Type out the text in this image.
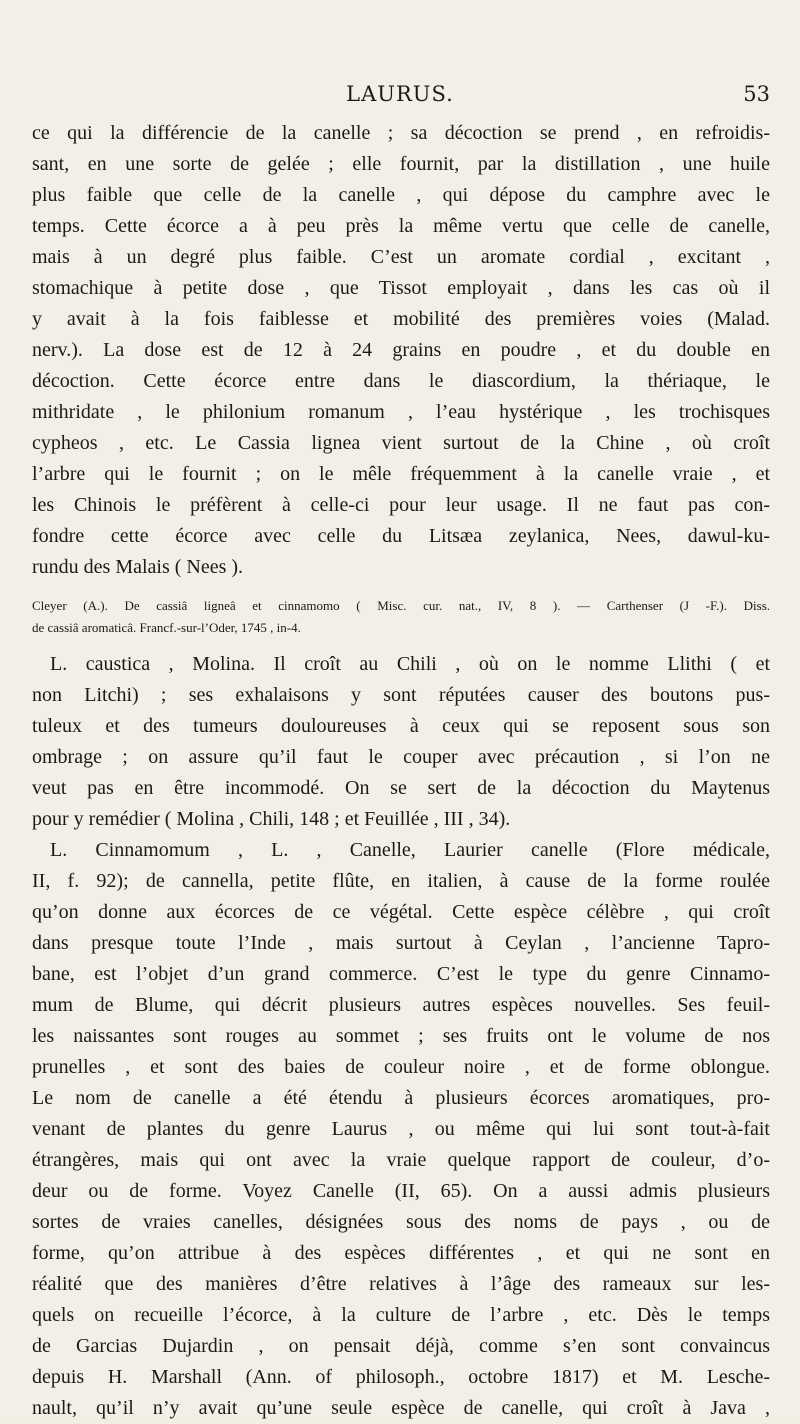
LAURUS.	53
ce qui la différencie de la canelle ; sa décoction se prend , en refroidis-
sant, en une sorte de gelée ; elle fournit, par la distillation , une huile
plus faible que celle de la canelle , qui dépose du camphre avec le
temps. Cette écorce a à peu près la même vertu que celle de canelle,
mais à un degré plus faible. C’est un aromate cordial , excitant ,
stomachique à petite dose , que Tissot employait , dans les cas où il
y avait à la fois faiblesse et mobilité des premières voies (Malad.
nerv.). La dose est de 12 à 24 grains en poudre , et du double en
décoction. Cette écorce entre dans le diascordium, la thériaque, le
mithridate , le philonium romanum , l’eau hystérique , les trochisques
cypheos , etc. Le Cassia lignea vient surtout de la Chine , où croît
l’arbre qui le fournit ; on le mêle fréquemment à la canelle vraie , et
les Chinois le préfèrent à celle-ci pour leur usage. Il ne faut pas con-
fondre cette écorce avec celle du Litsæa zeylanica, Nees, dawul-ku-
rundu des Malais ( Nees ).
Cleyer (A.). De cassiâ ligneâ et cinnamomo ( Misc. cur. nat., IV, 8 ). — Carthenser (J -F.). Diss.
de cassiâ aromaticâ. Francf.-sur-l’Oder, 1745 , in-4.
L. caustica , Molina. Il croît au Chili , où on le nomme Llithi ( et
non Litchi) ; ses exhalaisons y sont réputées causer des boutons pus-
tuleux et des tumeurs douloureuses à ceux qui se reposent sous son
ombrage ; on assure qu’il faut le couper avec précaution , si l’on ne
veut pas en être incommodé. On se sert de la décoction du Maytenus
pour y remédier ( Molina , Chili, 148 ; et Feuillée , III , 34).
L. Cinnamomum , L. , Canelle, Laurier canelle (Flore médicale,
II, f. 92); de cannella, petite flûte, en italien, à cause de la forme roulée
qu’on donne aux écorces de ce végétal. Cette espèce célèbre , qui croît
dans presque toute l’Inde , mais surtout à Ceylan , l’ancienne Tapro-
bane, est l’objet d’un grand commerce. C’est le type du genre Cinnamo-
mum de Blume, qui décrit plusieurs autres espèces nouvelles. Ses feuil-
les naissantes sont rouges au sommet ; ses fruits ont le volume de nos
prunelles , et sont des baies de couleur noire , et de forme oblongue.
Le nom de canelle a été étendu à plusieurs écorces aromatiques, pro-
venant de plantes du genre Laurus , ou même qui lui sont tout-à-fait
étrangères, mais qui ont avec la vraie quelque rapport de couleur, d’o-
deur ou de forme. Voyez Canelle (II, 65). On a aussi admis plusieurs
sortes de vraies canelles, désignées sous des noms de pays , ou de
forme, qu’on attribue à des espèces différentes , et qui ne sont en
réalité que des manières d’être relatives à l’âge des rameaux sur les-
quels on recueille l’écorce, à la culture de l’arbre , etc. Dès le temps
de Garcias Dujardin , on pensait déjà, comme s’en sont convaincus
depuis H. Marshall (Ann. of philosoph., octobre 1817) et M. Lesche-
nault, qu’il n’y avait qu’une seule espèce de canelle, qui croît à Java ,
